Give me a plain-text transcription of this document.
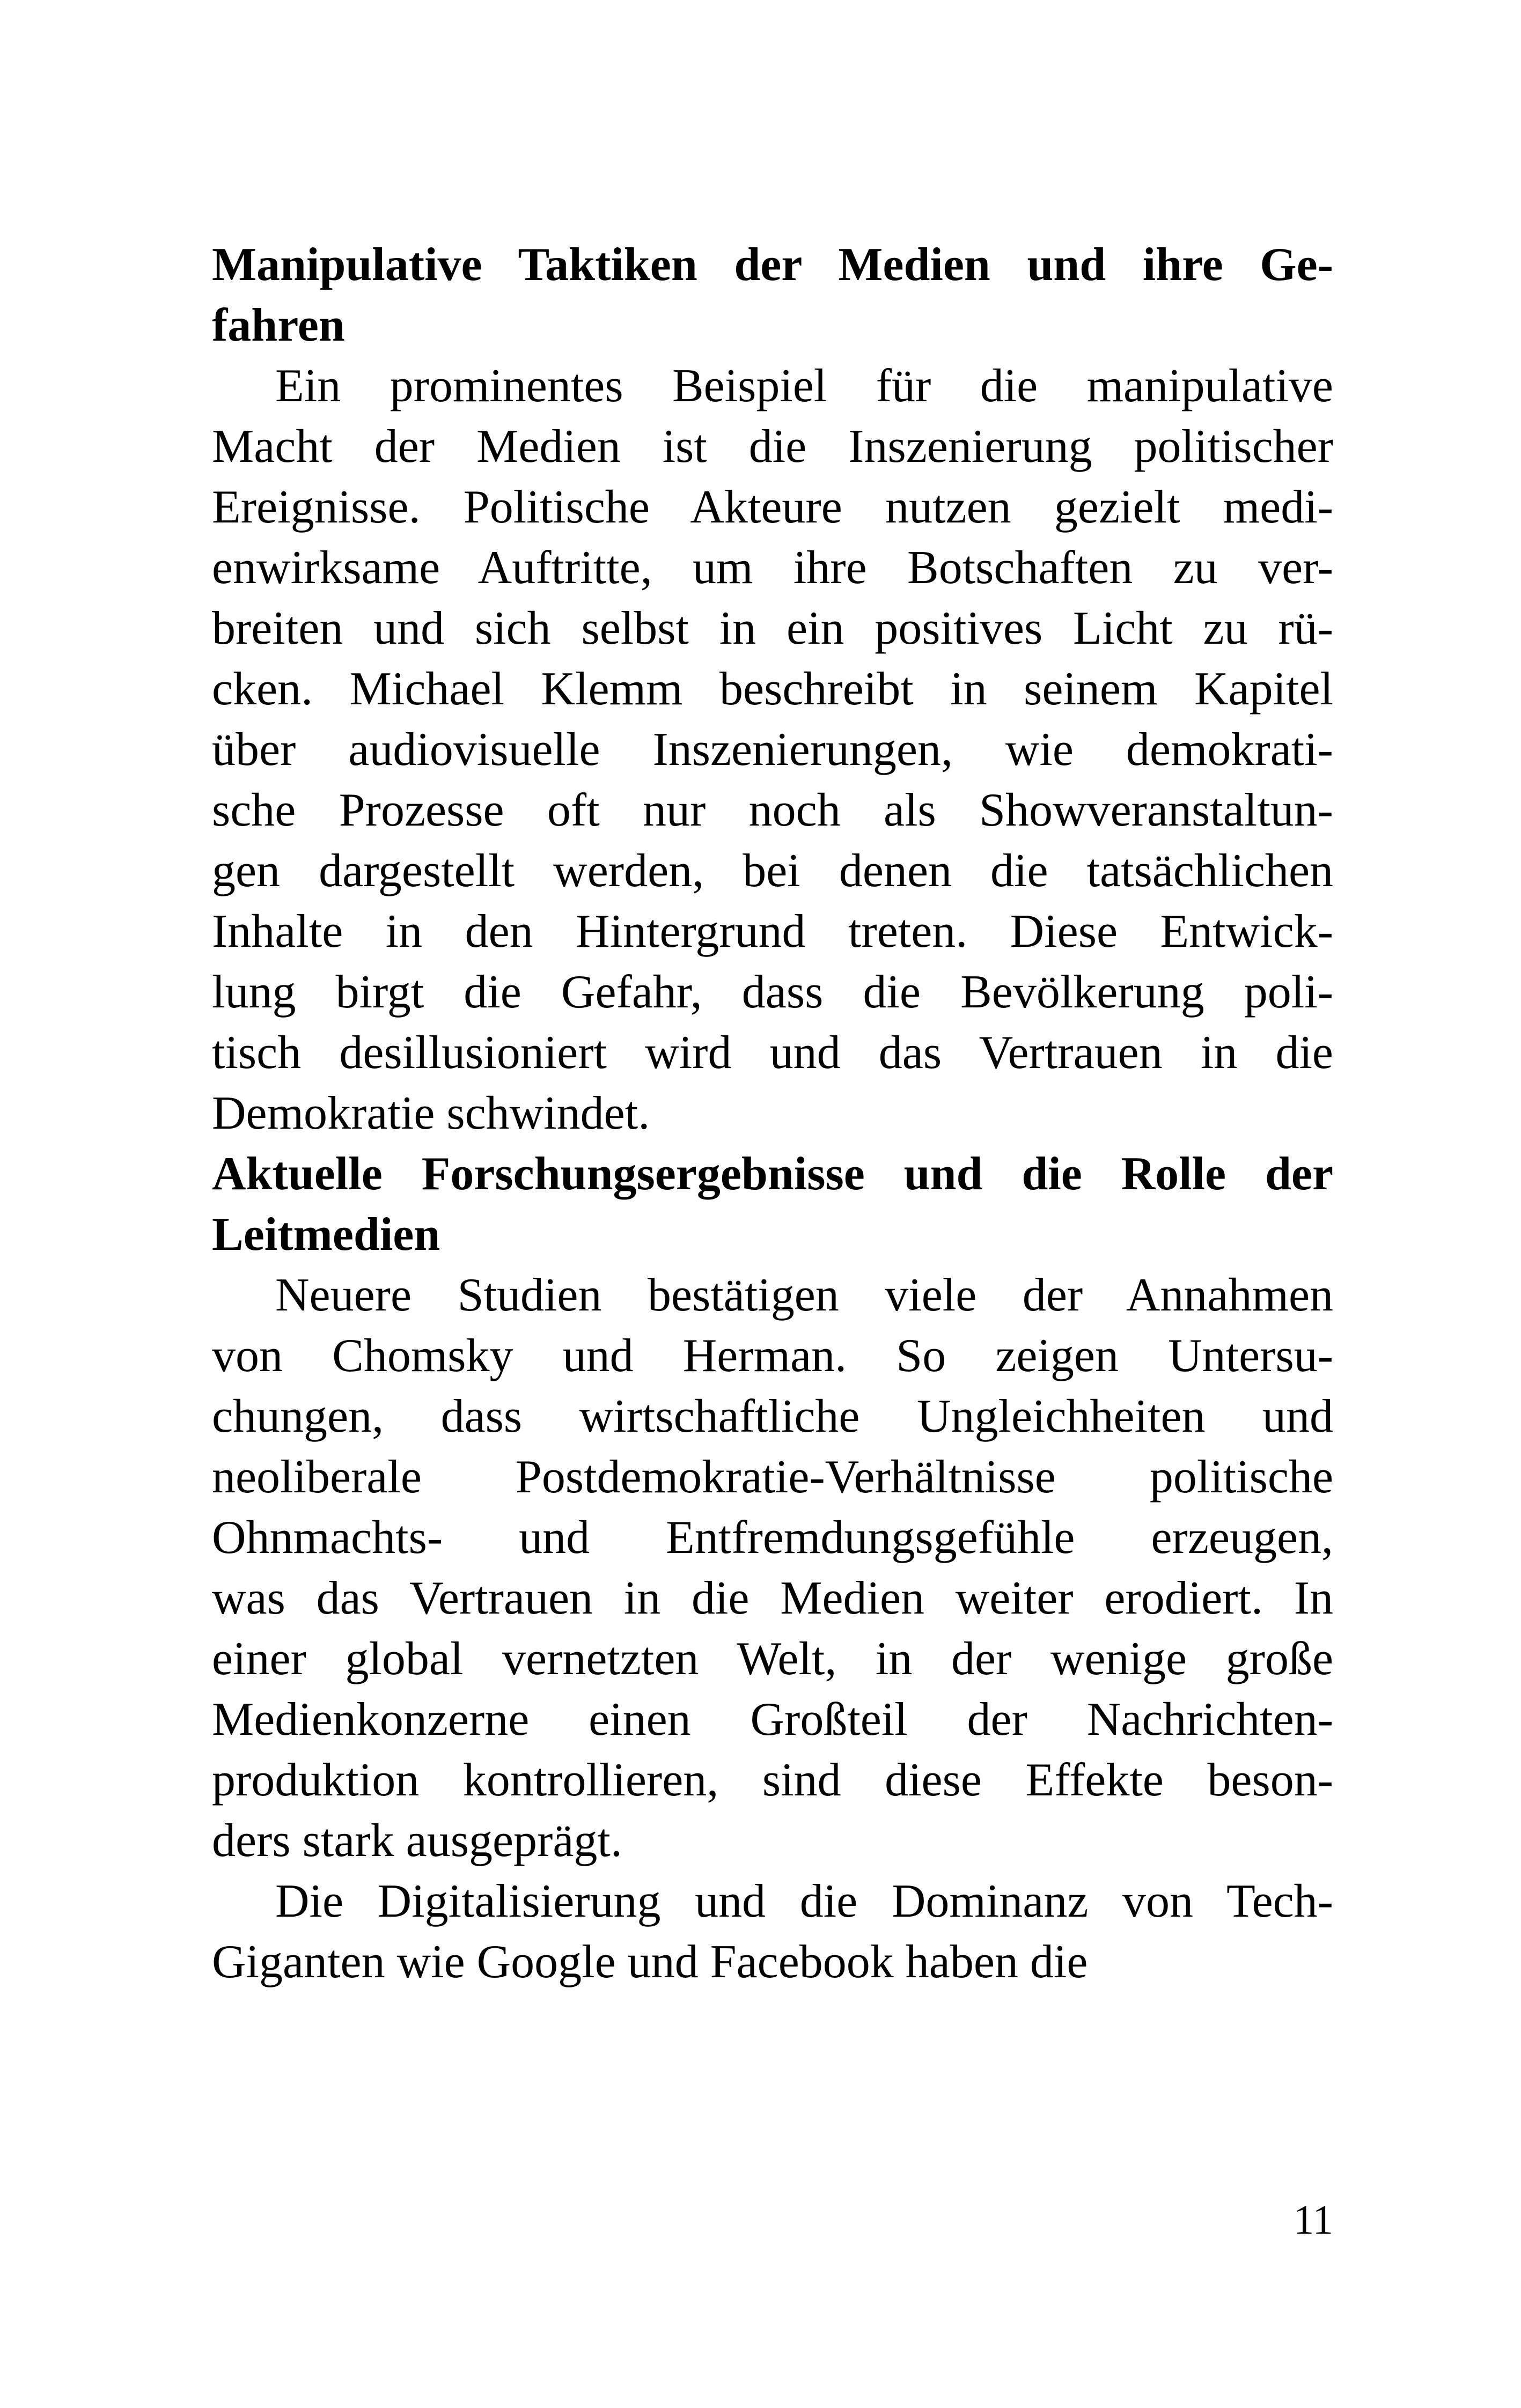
Manipulative Taktiken der Medien und ihre Ge-
fahren

Ein prominentes Beispiel für die manipulative
Macht der Medien ist die Inszenierung politischer
Ereignisse. Politische Akteure nutzen gezielt medi-
enwirksame Auftritte, um ihre Botschaften zu ver-
breiten und sich selbst in ein positives Licht zu rü-
cken. Michael Klemm beschreibt in seinem Kapitel
über audiovisuelle Inszenierungen, wie demokrati-
sche Prozesse oft nur noch als Showveranstaltun-
gen dargestellt werden, bei denen die tatsächlichen
Inhalte in den Hintergrund treten. Diese Entwick-
lung birgt die Gefahr, dass die Bevölkerung poli-
tisch desillusioniert wird und das Vertrauen in die
Demokratie schwindet.

Aktuelle Forschungsergebnisse und die Rolle der
Leitmedien

Neuere Studien bestätigen viele der Annahmen
von Chomsky und Herman. So zeigen Untersu-
chungen, dass wirtschaftliche Ungleichheiten und
neoliberale Postdemokratie-Verhältnisse politische
Ohnmachts- und Entfremdungsgefühle erzeugen,
was das Vertrauen in die Medien weiter erodiert. In
einer global vernetzten Welt, in der wenige große
Medienkonzerne einen Großteil der Nachrichten-
produktion kontrollieren, sind diese Effekte beson-
ders stark ausgeprägt.

Die Digitalisierung und die Dominanz von Tech-
Giganten wie Google und Facebook haben die

11
